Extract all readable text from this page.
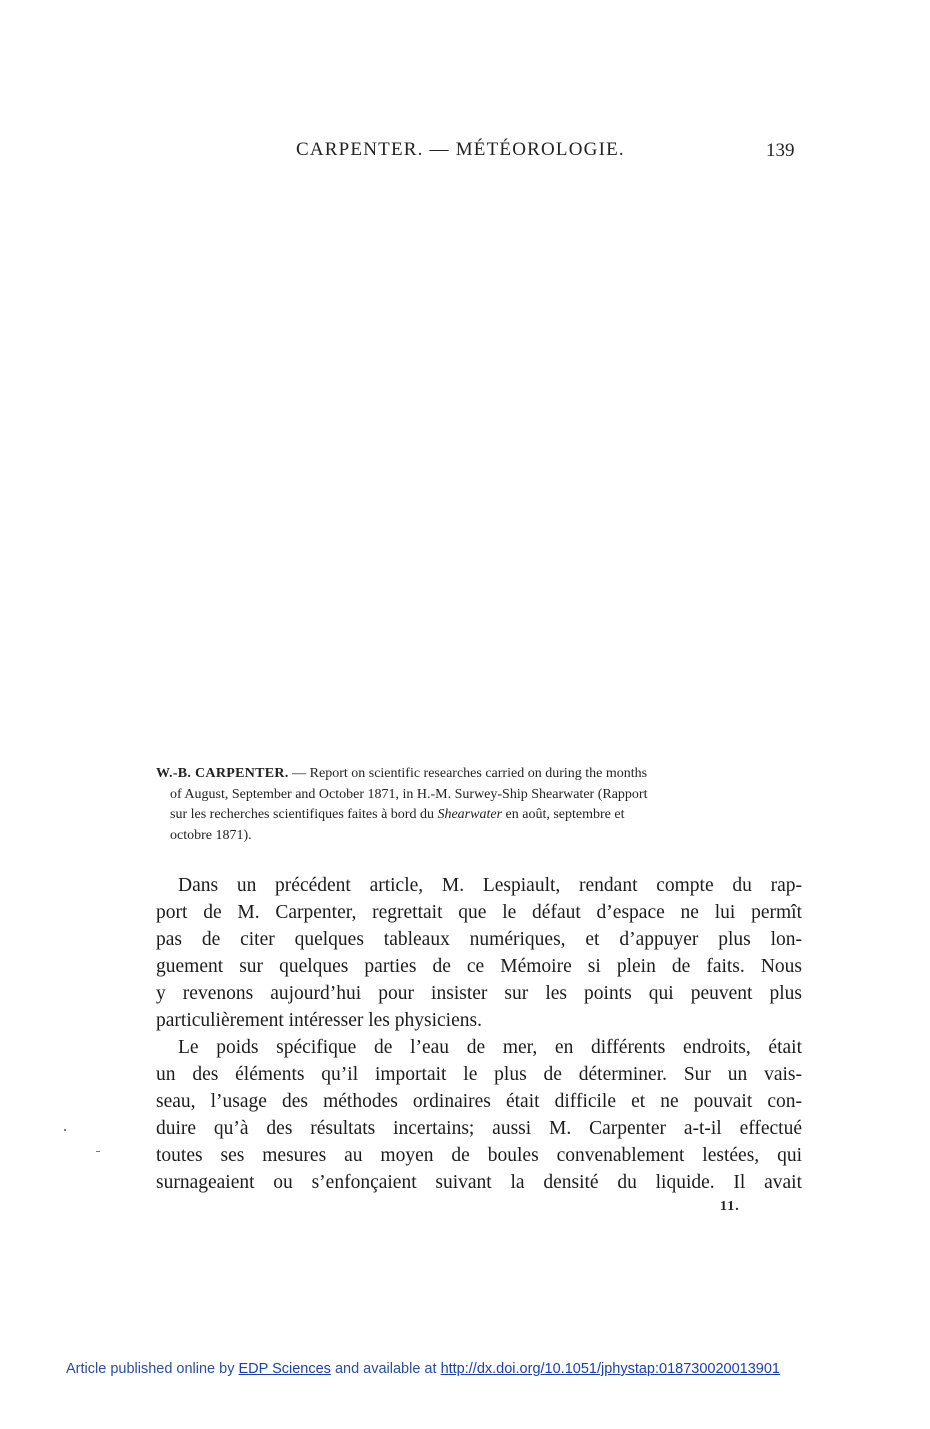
CARPENTER. — MÉTÉOROLOGIE.	139
W.-B. CARPENTER. — Report on scientific researches carried on during the months
of August, September and October 1871, in H.-M. Surwey-Ship Shearwater (Rapport
sur les recherches scientifiques faites à bord du Shearwater en août, septembre et
octobre 1871).
Dans un précédent article, M. Lespiault, rendant compte du rap-
port de M. Carpenter, regrettait que le défaut d’espace ne lui permît
pas de citer quelques tableaux numériques, et d’appuyer plus lon-
guement sur quelques parties de ce Mémoire si plein de faits. Nous
y revenons aujourd’hui pour insister sur les points qui peuvent plus
particulièrement intéresser les physiciens.
Le poids spécifique de l’eau de mer, en différents endroits, était
un des éléments qu’il importait le plus de déterminer. Sur un vais-
seau, l’usage des méthodes ordinaires était difficile et ne pouvait con-
duire qu’à des résultats incertains; aussi M. Carpenter a-t-il effectué
toutes ses mesures au moyen de boules convenablement lestées, qui
surnageaient ou s’enfonçaient suivant la densité du liquide. Il avait
11.
Article published online by EDP Sciences and available at http://dx.doi.org/10.1051/jphystap:018730020013901
